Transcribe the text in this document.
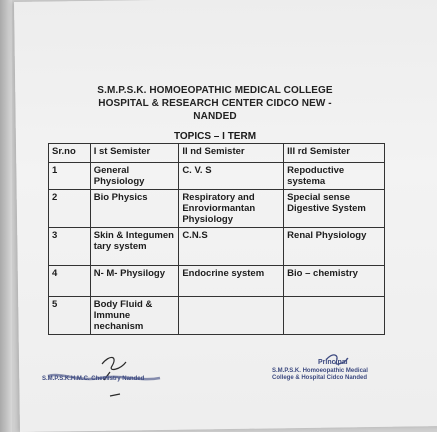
S.M.P.S.K. HOMOEOPATHIC MEDICAL COLLEGE
HOSPITAL & RESEARCH CENTER CIDCO NEW -
NANDED
TOPICS – I TERM
Sr.no	I st Semister	II nd Semister	III rd Semister
1	General Physiology	C. V. S	Repoductive systema
2	Bio Physics	Respiratory and Enroviormantan Physiology	Special sense Digestive System
3	Skin & Integumen tary system	C.N.S	Renal Physiology
4	N- M- Physilogy	Endocrine system	Bio – chemistry
5	Body Fluid & Immune nechanism		
S.M.P.S.K.H.M.C. Chemistry Nanded
Principal
S.M.P.S.K. Homoeopathic Medical
College & Hospital Cidco Nanded
